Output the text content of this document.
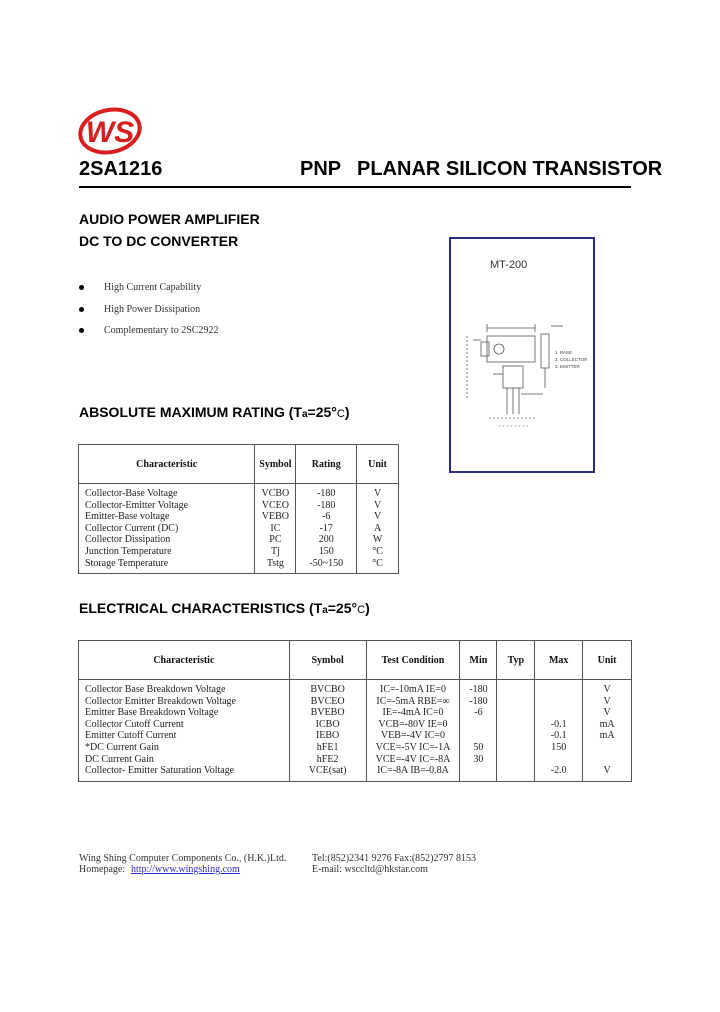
WS
2SA1216	PNP PLANAR SILICON TRANSISTOR
AUDIO POWER AMPLIFIER
DC TO DC CONVERTER
High Current Capability
High Power Dissipation
Complementary to 2SC2922
MT-200
1. BASE
2. COLLECTOR
3. EMITTER
ABSOLUTE MAXIMUM RATING (Ta=25°C)
Characteristic	Symbol	Rating	Unit
Collector-Base Voltage	VCBO	-180	V
Collector-Emitter Voltage	VCEO	-180	V
Emitter-Base voltage	VEBO	-6	V
Collector Current (DC)	IC	-17	A
Collector Dissipation	PC	200	W
Junction Temperature	Tj	150	°C
Storage Temperature	Tstg	-50~150	°C
ELECTRICAL CHARACTERISTICS (Ta=25°C)
Characteristic	Symbol	Test Condition	Min	Typ	Max	Unit
Collector Base Breakdown Voltage	BVCBO	IC=-10mA IE=0	-180			V
Collector Emitter Breakdown Voltage	BVCEO	IC=-5mA RBE=∞	-180			V
Emitter Base Breakdown Voltage	BVEBO	IE=-4mA IC=0	-6			V
Collector Cutoff Current	ICBO	VCB=-80V IE=0			-0.1	mA
Emitter Cutoff Current	IEBO	VEB=-4V IC=0			-0.1	mA
*DC Current Gain	hFE1	VCE=-5V IC=-1A	50		150	
DC Current Gain	hFE2	VCE=-4V IC=-8A	30			
Collector- Emitter Saturation Voltage	VCE(sat)	IC=-8A IB=-0.8A			-2.0	V
Wing Shing Computer Components Co., (H.K.)Ltd.
Homepage: http://www.wingshing.com
Tel:(852)2341 9276 Fax:(852)2797 8153
E-mail: wsccltd@hkstar.com
